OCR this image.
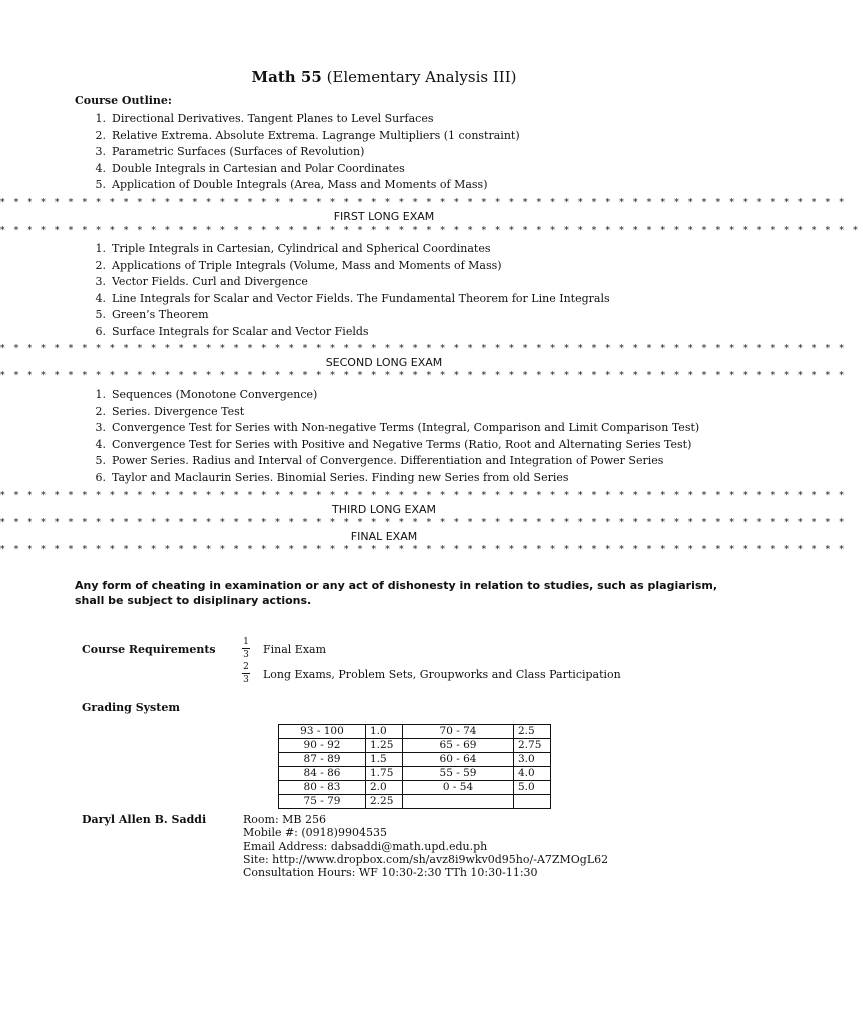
Math 55 (Elementary Analysis III)
Course Outline:
1. Directional Derivatives. Tangent Planes to Level Surfaces
2. Relative Extrema. Absolute Extrema. Lagrange Multipliers (1 constraint)
3. Parametric Surfaces (Surfaces of Revolution)
4. Double Integrals in Cartesian and Polar Coordinates
5. Application of Double Integrals (Area, Mass and Moments of Mass)
* * * * * * * * * * * * * * * * * * * * * * * * * * * * * * * * * * * * * * * * * * * * * * * * * * * * * * * * * * * * * *
FIRST LONG EXAM
* * * * * * * * * * * * * * * * * * * * * * * * * * * * * * * * * * * * * * * * * * * * * * * * * * * * * * * * * * * * * * *
1. Triple Integrals in Cartesian, Cylindrical and Spherical Coordinates
2. Applications of Triple Integrals (Volume, Mass and Moments of Mass)
3. Vector Fields. Curl and Divergence
4. Line Integrals for Scalar and Vector Fields. The Fundamental Theorem for Line Integrals
5. Green’s Theorem
6. Surface Integrals for Scalar and Vector Fields
* * * * * * * * * * * * * * * * * * * * * * * * * * * * * * * * * * * * * * * * * * * * * * * * * * * * * * * * * * * * * *
SECOND LONG EXAM
* * * * * * * * * * * * * * * * * * * * * * * * * * * * * * * * * * * * * * * * * * * * * * * * * * * * * * * * * * * * * *
1. Sequences (Monotone Convergence)
2. Series. Divergence Test
3. Convergence Test for Series with Non-negative Terms (Integral, Comparison and Limit Comparison Test)
4. Convergence Test for Series with Positive and Negative Terms (Ratio, Root and Alternating Series Test)
5. Power Series. Radius and Interval of Convergence. Differentiation and Integration of Power Series
6. Taylor and Maclaurin Series. Binomial Series. Finding new Series from old Series
* * * * * * * * * * * * * * * * * * * * * * * * * * * * * * * * * * * * * * * * * * * * * * * * * * * * * * * * * * * * * *
THIRD LONG EXAM
* * * * * * * * * * * * * * * * * * * * * * * * * * * * * * * * * * * * * * * * * * * * * * * * * * * * * * * * * * * * * *
FINAL EXAM
* * * * * * * * * * * * * * * * * * * * * * * * * * * * * * * * * * * * * * * * * * * * * * * * * * * * * * * * * * * * * *
Any form of cheating in examination or any act of dishonesty in relation to studies, such as plagiarism, shall be subject to disiplinary actions.
Course Requirements
1
3 Final Exam
2
3 Long Exams, Problem Sets, Groupworks and Class Participation
Grading System
93 - 100	1.0	70 - 74	2.5
90 - 92	1.25	65 - 69	2.75
87 - 89	1.5	60 - 64	3.0
84 - 86	1.75	55 - 59	4.0
80 - 83	2.0	0 - 54	5.0
75 - 79	2.25		
Daryl Allen B. Saddi	Room: MB 256
Mobile #: (0918)9904535
Email Address: dabsaddi@math.upd.edu.ph
Site: http://www.dropbox.com/sh/avz8i9wkv0d95ho/-A7ZMOgL62
Consultation Hours: WF 10:30-2:30 TTh 10:30-11:30
